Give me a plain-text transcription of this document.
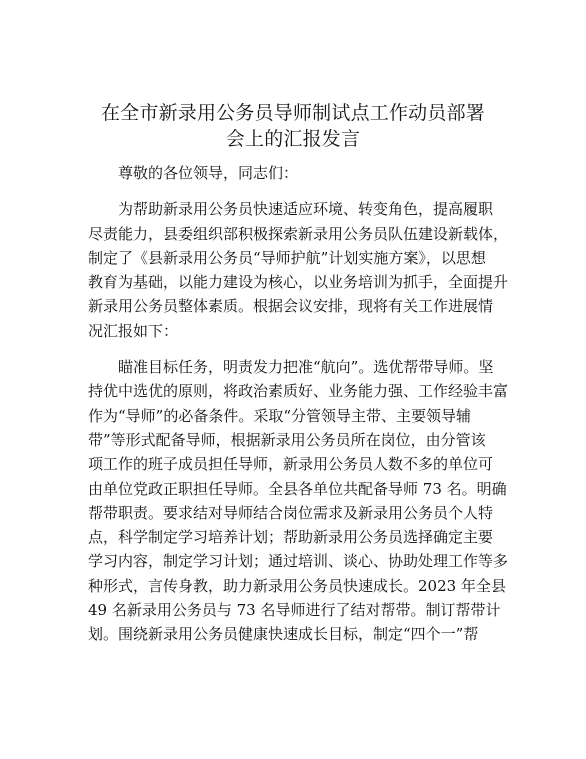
在全市新录用公务员导师制试点工作动员部署
会上的汇报发言
尊敬的各位领导，同志们：
为帮助新录用公务员快速适应环境、转变角色，提高履职
尽责能力，县委组织部积极探索新录用公务员队伍建设新载体，
制定了《县新录用公务员“导师护航”计划实施方案》，以思想
教育为基础，以能力建设为核心，以业务培训为抓手，全面提升
新录用公务员整体素质。根据会议安排，现将有关工作进展情
况汇报如下：
瞄准目标任务，明责发力把准“航向”。选优帮带导师。坚
持优中选优的原则，将政治素质好、业务能力强、工作经验丰富
作为“导师”的必备条件。采取“分管领导主带、主要领导辅
带”等形式配备导师，根据新录用公务员所在岗位，由分管该
项工作的班子成员担任导师，新录用公务员人数不多的单位可
由单位党政正职担任导师。全县各单位共配备导师 73 名。明确
帮带职责。要求结对导师结合岗位需求及新录用公务员个人特
点，科学制定学习培养计划；帮助新录用公务员选择确定主要
学习内容，制定学习计划；通过培训、谈心、协助处理工作等多
种形式，言传身教，助力新录用公务员快速成长。2023 年全县
49 名新录用公务员与 73 名导师进行了结对帮带。制订帮带计
划。围绕新录用公务员健康快速成长目标，制定“四个一”帮
